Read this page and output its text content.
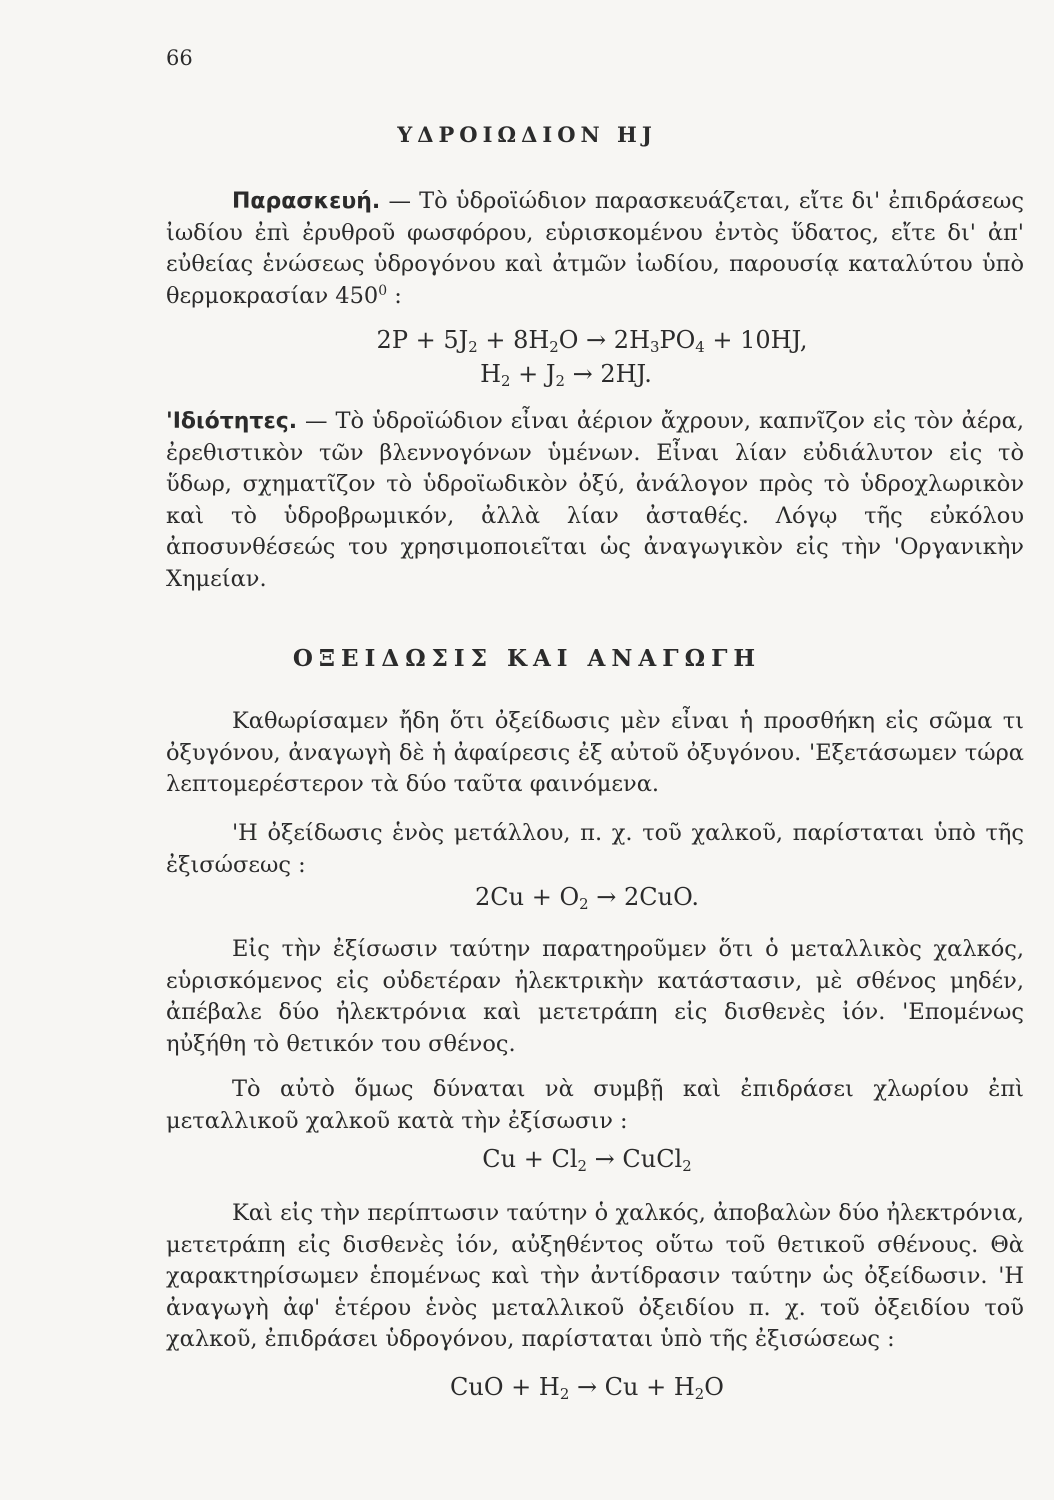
66
ΥΔΡΟΙΩΔΙΟΝ HJ
Παρασκευή. — Τὸ ὑδροϊώδιον παρασκευάζεται, εἴτε δι' ἐπιδράσεως ἰωδίου ἐπὶ ἐρυθροῦ φωσφόρου, εὑρισκομένου ἐντὸς ὕδατος, εἴτε δι' ἀπ' εὐθείας ἑνώσεως ὑδρογόνου καὶ ἀτμῶν ἰωδίου, παρουσίᾳ καταλύτου ὑπὸ θερμοκρασίαν $450^0$ :
$2P + 5J_2 + 8H_2O \to 2H_3PO_4 + 10HJ$,
$H_2 + J_2 \to 2HJ$.
'Ιδιότητες. — Τὸ ὑδροϊώδιον εἶναι ἀέριον ἄχρουν, καπνῖζον εἰς τὸν ἀέρα, ἐρεθιστικὸν τῶν βλεννογόνων ὑμένων. Εἶναι λίαν εὐδιάλυτον εἰς τὸ ὕδωρ, σχηματῖζον τὸ ὑδροϊωδικὸν ὀξύ, ἀνάλογον πρὸς τὸ ὑδροχλωρικὸν καὶ τὸ ὑδροβρωμικόν, ἀλλὰ λίαν ἀσταθές. Λόγῳ τῆς εὐκόλου ἀποσυνθέσεώς του χρησιμοποιεῖται ὡς ἀναγωγικὸν εἰς τὴν 'Οργανικὴν Χημείαν.
ΟΞΕΙΔΩΣΙΣ ΚΑΙ ΑΝΑΓΩΓΗ
Καθωρίσαμεν ἤδη ὅτι ὀξείδωσις μὲν εἶναι ἡ προσθήκη εἰς σῶμα τι ὀξυγόνου, ἀναγωγὴ δὲ ἡ ἀφαίρεσις ἐξ αὐτοῦ ὀξυγόνου. 'Εξετάσωμεν τώρα λεπτομερέστερον τὰ δύο ταῦτα φαινόμενα.
'Η ὀξείδωσις ἑνὸς μετάλλου, π. χ. τοῦ χαλκοῦ, παρίσταται ὑπὸ τῆς ἐξισώσεως :
$2Cu + O_2 \to 2CuO$.
Εἰς τὴν ἐξίσωσιν ταύτην παρατηροῦμεν ὅτι ὁ μεταλλικὸς χαλκός, εὑρισκόμενος εἰς οὐδετέραν ἠλεκτρικὴν κατάστασιν, μὲ σθένος μηδέν, ἀπέβαλε δύο ἠλεκτρόνια καὶ μετετράπη εἰς δισθενὲς ἰόν. 'Επομένως ηὐξήθη τὸ θετικόν του σθένος.
Τὸ αὐτὸ ὅμως δύναται νὰ συμβῇ καὶ ἐπιδράσει χλωρίου ἐπὶ μεταλλικοῦ χαλκοῦ κατὰ τὴν ἐξίσωσιν :
$Cu + Cl_2$ → CuCl$_2$
Καὶ εἰς τὴν περίπτωσιν ταύτην ὁ χαλκός, ἀποβαλὼν δύο ἠλεκτρόνια, μετετράπη εἰς δισθενὲς ἰόν, αὐξηθέντος οὕτω τοῦ θετικοῦ σθένους. Θὰ χαρακτηρίσωμεν ἑπομένως καὶ τὴν ἀντίδρασιν ταύτην ὡς ὀξείδωσιν. 'Η ἀναγωγὴ ἀφ' ἑτέρου ἑνὸς μεταλλικοῦ ὀξειδίου π. χ. τοῦ ὀξειδίου τοῦ χαλκοῦ, ἐπιδράσει ὑδρογόνου, παρίσταται ὑπὸ τῆς ἐξισώσεως :
CuO + $H_2 \to Cu + H_2O$
